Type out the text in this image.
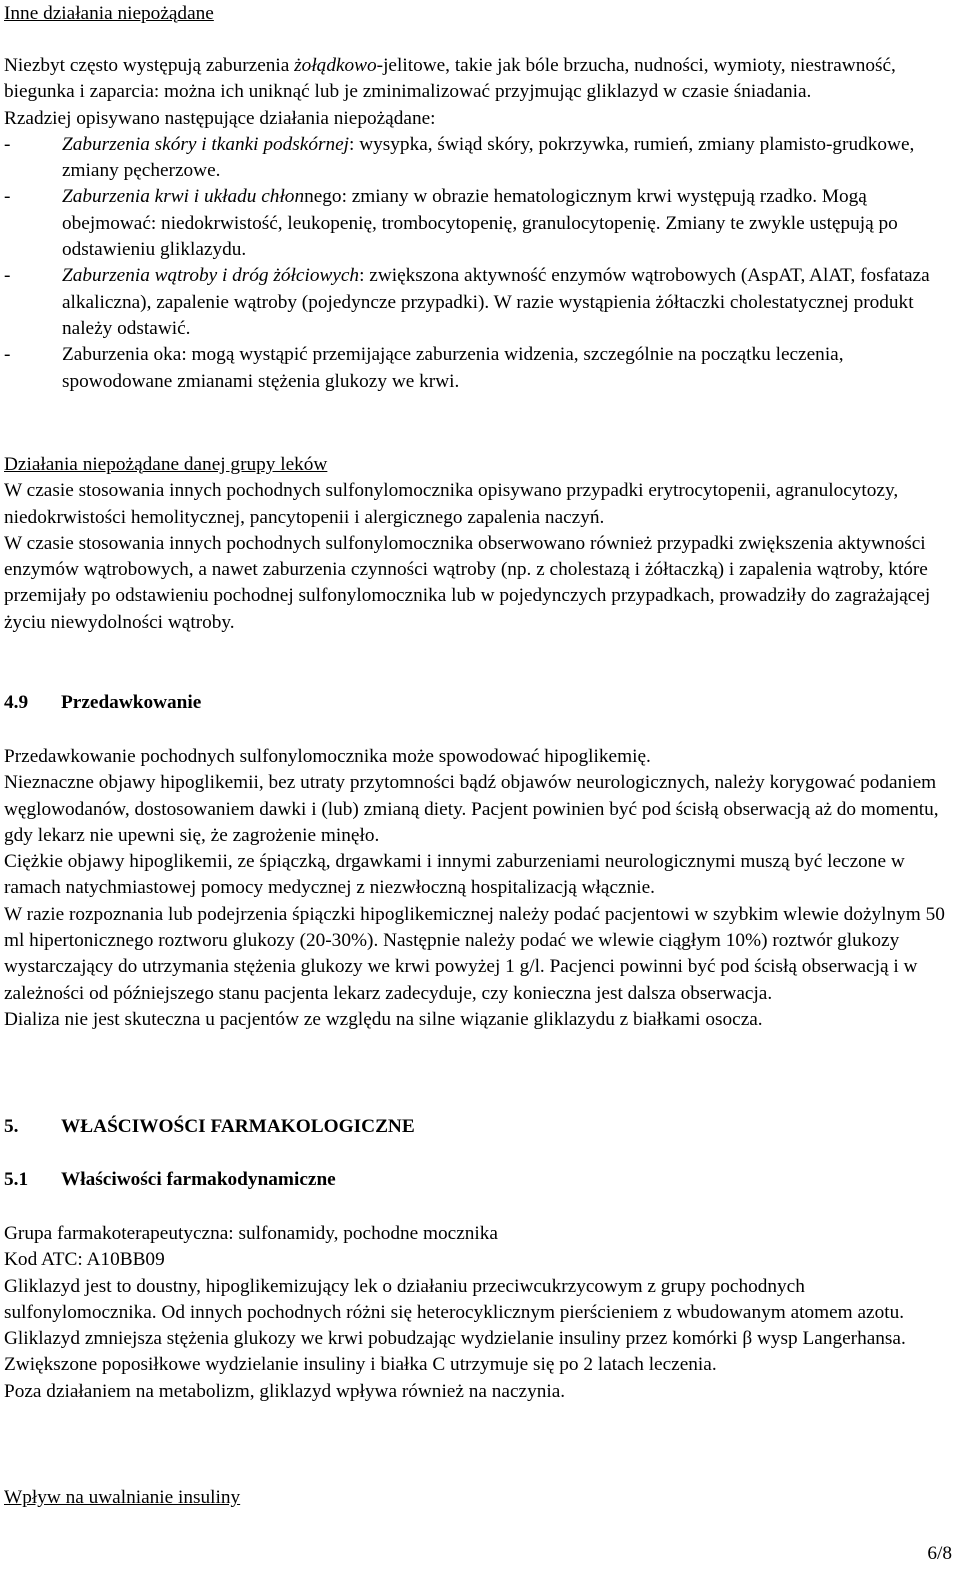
Inne działania niepożądane

Niezbyt często występują zaburzenia żołądkowo-jelitowe, takie jak bóle brzucha, nudności, wymioty, niestrawność, biegunka i zaparcia: można ich uniknąć lub je zminimalizować przyjmując gliklazyd w czasie śniadania.

Rzadziej opisywano następujące działania niepożądane:

-	Zaburzenia skóry i tkanki podskórnej: wysypka, świąd skóry, pokrzywka, rumień, zmiany plamisto-grudkowe, zmiany pęcherzowe.

-	Zaburzenia krwi i układu chłonnego: zmiany w obrazie hematologicznym krwi występują rzadko. Mogą obejmować: niedokrwistość, leukopenię, trombocytopenię, granulocytopenię. Zmiany te zwykle ustępują po odstawieniu gliklazydu.

-	Zaburzenia wątroby i dróg żółciowych: zwiększona aktywność enzymów wątrobowych (AspAT, AlAT, fosfataza alkaliczna), zapalenie wątroby (pojedyncze przypadki). W razie wystąpienia żółtaczki cholestatycznej produkt należy odstawić.

-	Zaburzenia oka: mogą wystąpić przemijające zaburzenia widzenia, szczególnie na początku leczenia, spowodowane zmianami stężenia glukozy we krwi.

Działania niepożądane danej grupy leków

W czasie stosowania innych pochodnych sulfonylomocznika opisywano przypadki erytrocytopenii, agranulocytozy, niedokrwistości hemolitycznej, pancytopenii i alergicznego zapalenia naczyń.

W czasie stosowania innych pochodnych sulfonylomocznika obserwowano również przypadki zwiększenia aktywności enzymów wątrobowych, a nawet zaburzenia czynności wątroby (np. z cholestazą i żółtaczką) i zapalenia wątroby, które przemijały po odstawieniu pochodnej sulfonylomocznika lub w pojedynczych przypadkach, prowadziły do zagrażającej życiu niewydolności wątroby.

4.9 Przedawkowanie

Przedawkowanie pochodnych sulfonylomocznika może spowodować hipoglikemię.

Nieznaczne objawy hipoglikemii, bez utraty przytomności bądź objawów neurologicznych, należy korygować podaniem węglowodanów, dostosowaniem dawki i (lub) zmianą diety. Pacjent powinien być pod ścisłą obserwacją aż do momentu, gdy lekarz nie upewni się, że zagrożenie minęło.

Ciężkie objawy hipoglikemii, ze śpiączką, drgawkami i innymi zaburzeniami neurologicznymi muszą być leczone w ramach natychmiastowej pomocy medycznej z niezwłoczną hospitalizacją włącznie.

W razie rozpoznania lub podejrzenia śpiączki hipoglikemicznej należy podać pacjentowi w szybkim wlewie dożylnym 50 ml hipertonicznego roztworu glukozy (20-30%). Następnie należy podać we wlewie ciągłym 10%) roztwór glukozy wystarczający do utrzymania stężenia glukozy we krwi powyżej 1 g/l. Pacjenci powinni być pod ścisłą obserwacją i w zależności od późniejszego stanu pacjenta lekarz zadecyduje, czy konieczna jest dalsza obserwacja.

Dializa nie jest skuteczna u pacjentów ze względu na silne wiązanie gliklazydu z białkami osocza.

5. WŁAŚCIWOŚCI FARMAKOLOGICZNE
5.1 Właściwości farmakodynamiczne

Grupa farmakoterapeutyczna: sulfonamidy, pochodne mocznika

Kod ATC: A10BB09

Gliklazyd jest to doustny, hipoglikemizujący lek o działaniu przeciwcukrzycowym z grupy pochodnych sulfonylomocznika. Od innych pochodnych różni się heterocyklicznym pierścieniem z wbudowanym atomem azotu.

Gliklazyd zmniejsza stężenia glukozy we krwi pobudzając wydzielanie insuliny przez komórki β wysp Langerhansa. Zwiększone poposiłkowe wydzielanie insuliny i białka C utrzymuje się po 2 latach leczenia.

Poza działaniem na metabolizm, gliklazyd wpływa również na naczynia.

Wpływ na uwalnianie insuliny

6/8
